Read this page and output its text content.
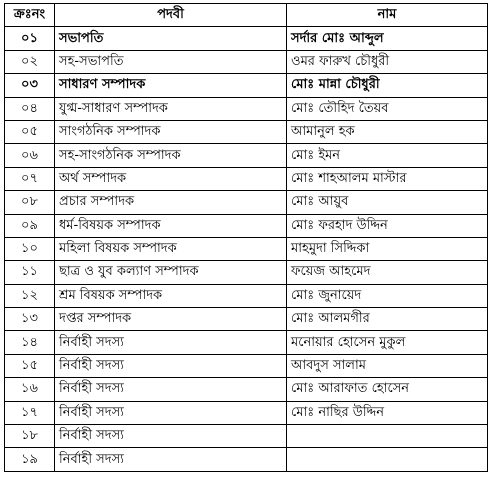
ক্রঃনং	পদবী	নাম
০১	সভাপতি	সর্দার মোঃ আব্দুল
০২	সহ-সভাপতি	ওমর ফারুখ চৌধুরী
০৩	সাধারণ সম্পাদক	মোঃ মান্না চৌধুরী
০৪	যুগ্ম-সাধারণ সম্পাদক	মোঃ তৌহিদ তৈয়ব
০৫	সাংগঠনিক সম্পাদক	আমানুল হক
০৬	সহ-সাংগঠনিক সম্পাদক	মোঃ ইমন
০৭	অর্থ সম্পাদক	মোঃ শাহআলম মাস্টার
০৮	প্রচার সম্পাদক	মোঃ আয়ুব
০৯	ধর্ম-বিষয়ক সম্পাদক	মোঃ ফরহাদ উদ্দিন
১০	মহিলা বিষয়ক সম্পাদক	মাহমুদা সিদ্দিকা
১১	ছাত্র ও যুব কল্যাণ সম্পাদক	ফয়েজ আহমেদ
১২	শ্রম বিষয়ক সম্পাদক	মোঃ জুনায়েদ
১৩	দপ্তর সম্পাদক	মোঃ আলমগীর
১৪	নির্বাহী সদস্য	মনোয়ার হোসেন মুকুল
১৫	নির্বাহী সদস্য	আবদুস সালাম
১৬	নির্বাহী সদস্য	মোঃ আরাফাত হোসেন
১৭	নির্বাহী সদস্য	মোঃ নাছির উদ্দিন
১৮	নির্বাহী সদস্য	
১৯	নির্বাহী সদস্য	
